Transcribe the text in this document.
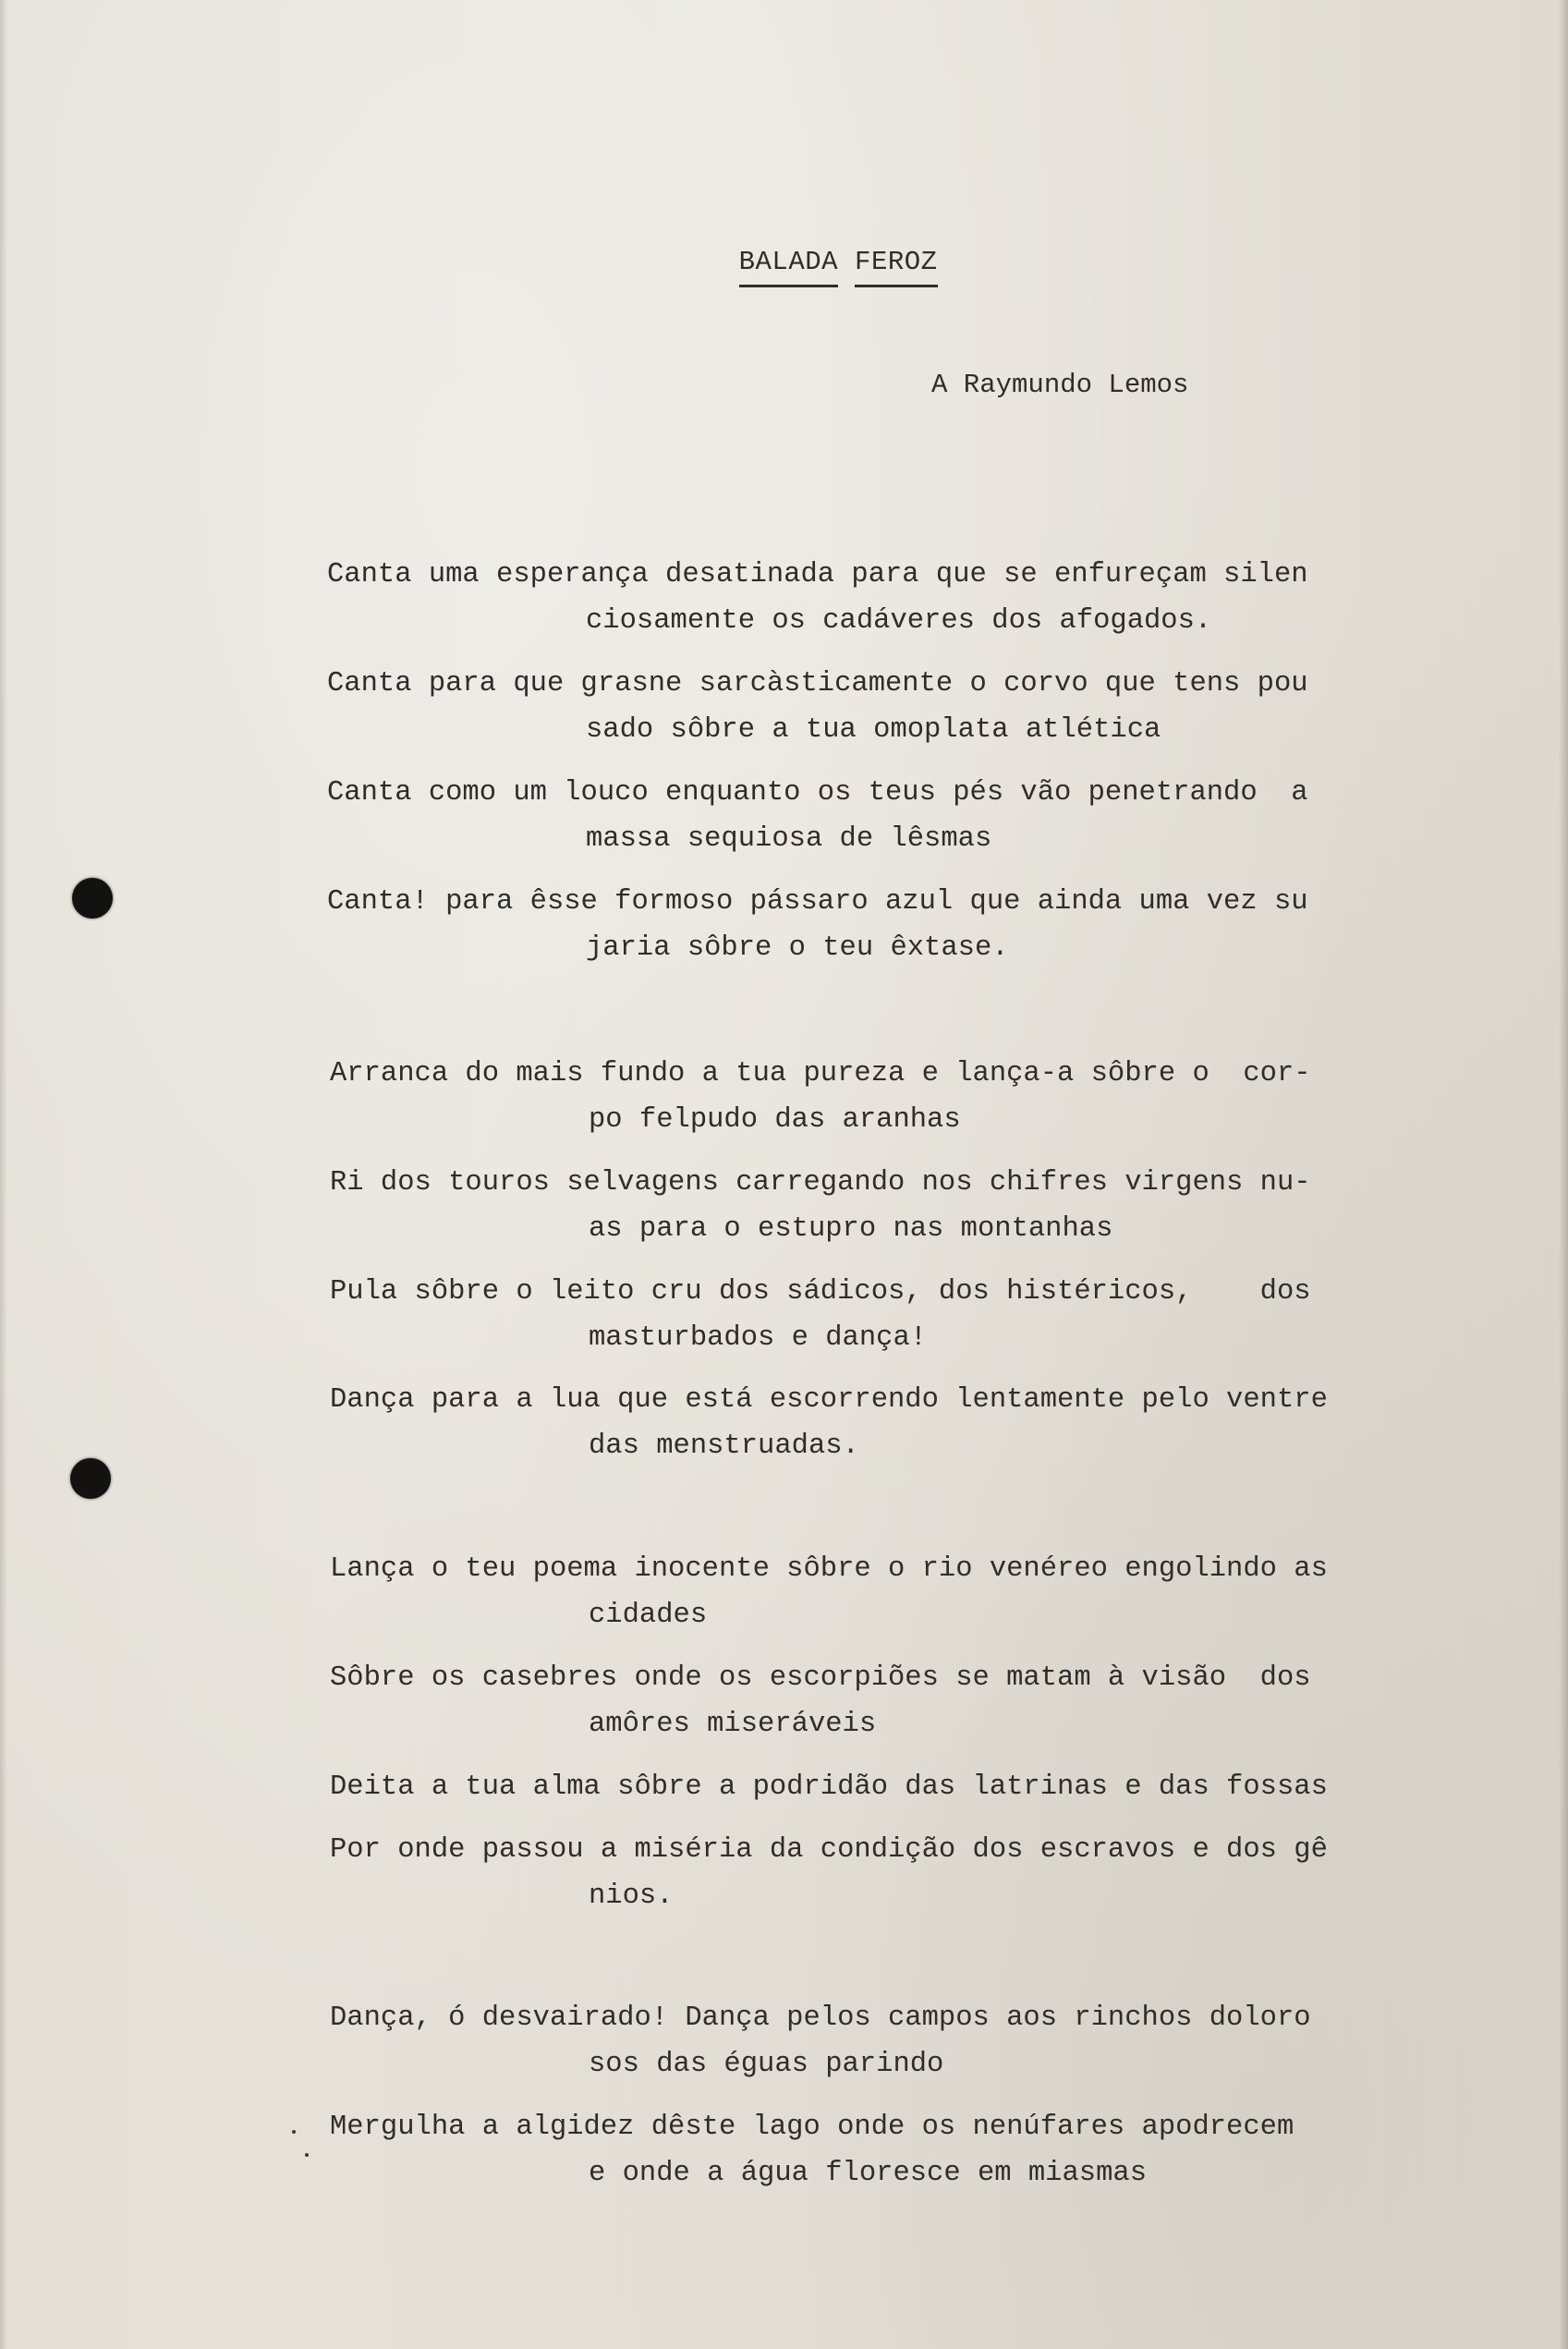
BALADA FEROZ

A Raymundo Lemos
Canta uma esperança desatinada para que se enfureçam silen
ciosamente os cadáveres dos afogados.
Canta para que grasne sarcàsticamente o corvo que tens pou
sado sôbre a tua omoplata atlética
Canta como um louco enquanto os teus pés vão penetrando  a
massa sequiosa de lêsmas
Canta! para êsse formoso pássaro azul que ainda uma vez su
jaria sôbre o teu êxtase.
Arranca do mais fundo a tua pureza e lança-a sôbre o  cor-
po felpudo das aranhas
Ri dos touros selvagens carregando nos chifres virgens nu-
as para o estupro nas montanhas
Pula sôbre o leito cru dos sádicos, dos histéricos,    dos
masturbados e dança!
Dança para a lua que está escorrendo lentamente pelo ventre
das menstruadas.
Lança o teu poema inocente sôbre o rio venéreo engolindo as
cidades
Sôbre os casebres onde os escorpiões se matam à visão  dos
amôres miseráveis
Deita a tua alma sôbre a podridão das latrinas e das fossas
Por onde passou a miséria da condição dos escravos e dos gê
nios.
Dança, ó desvairado! Dança pelos campos aos rinchos doloro
sos das éguas parindo
Mergulha a algidez dêste lago onde os nenúfares apodrecem
e onde a água floresce em miasmas
